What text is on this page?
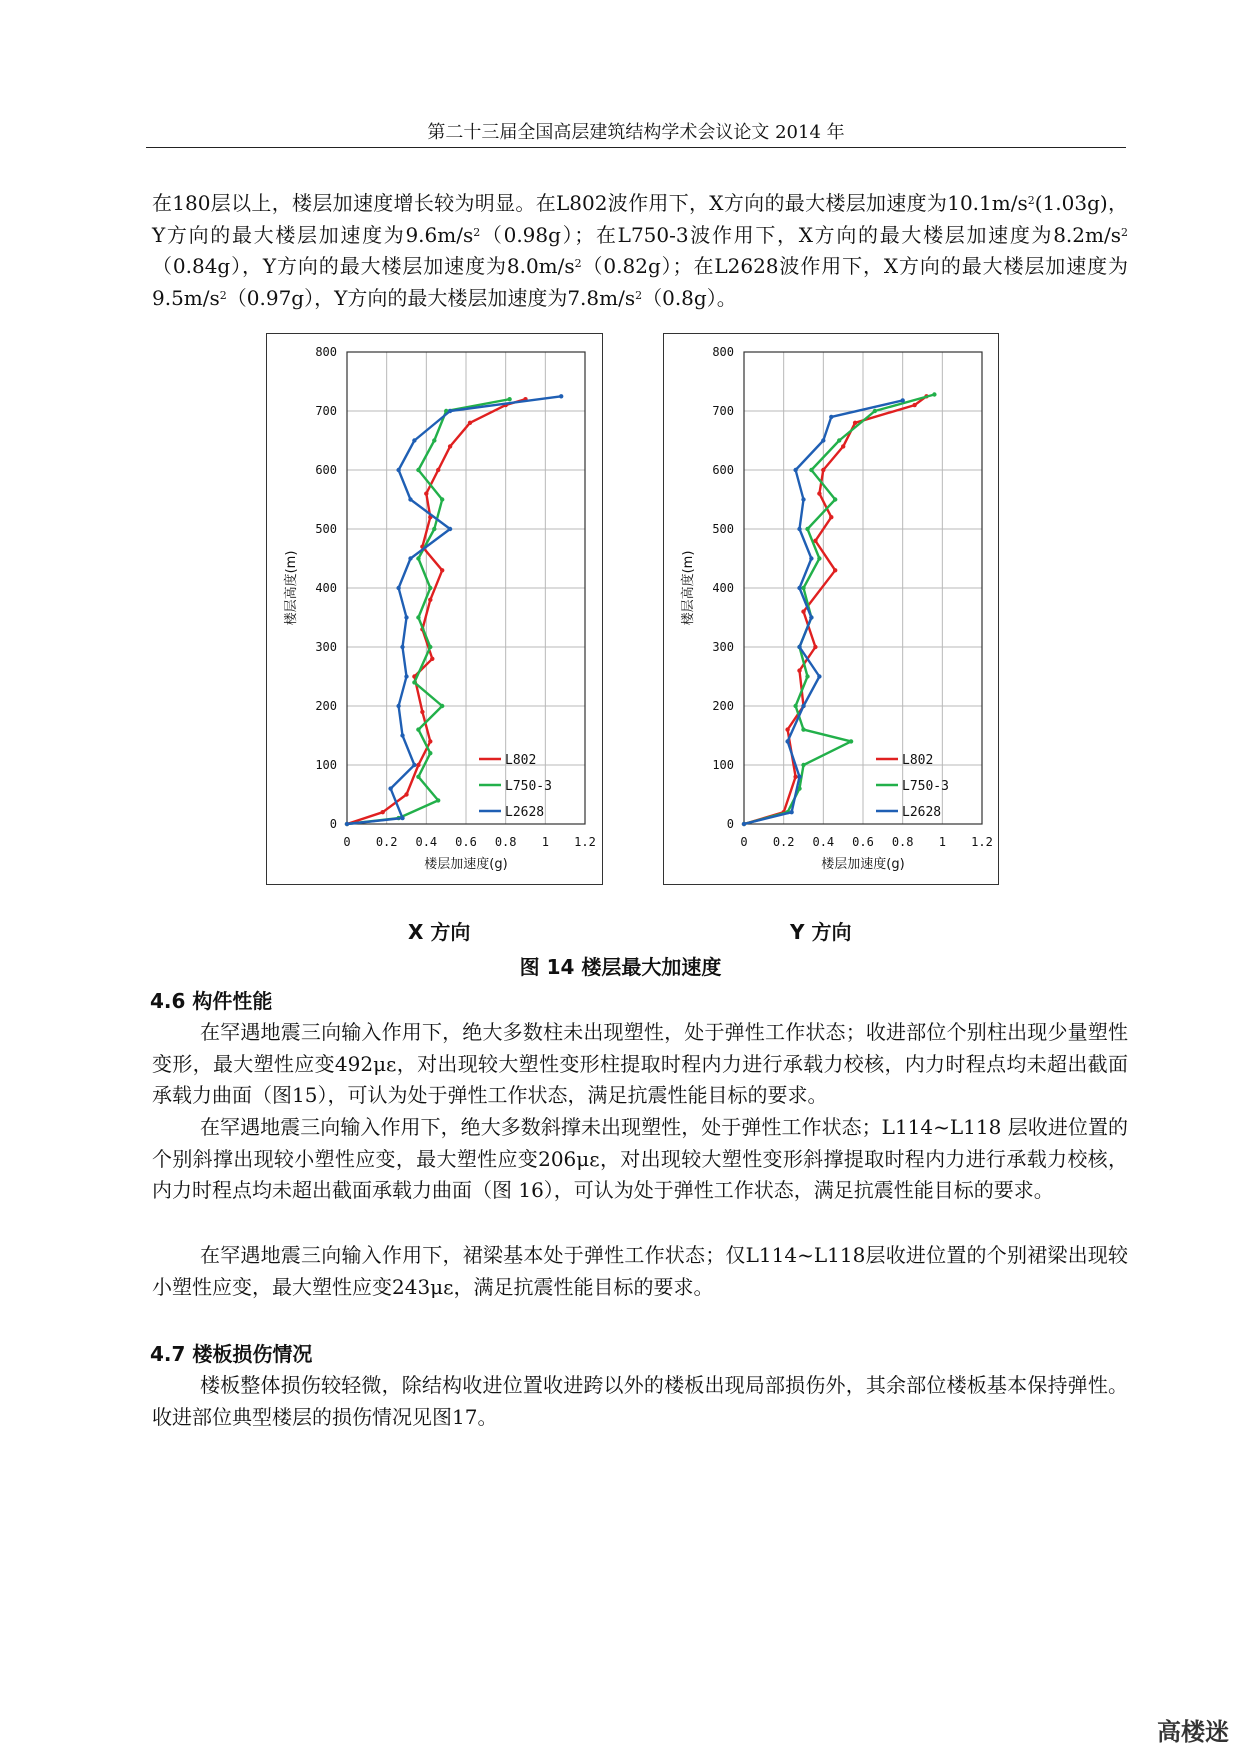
第二十三届全国高层建筑结构学术会议论文 2014 年
在180层以上，楼层加速度增长较为明显。在L802波作用下，X方向的最大楼层加速度为$10.1m/s^2(1.03g)$，Y方向的最大楼层加速度为$9.6m/s^2(0.98g)$；在L750-3波作用下，X方向的最大楼层加速度为$8.2m/s^2(0.84g)$，Y方向的最大楼层加速度为$8.0m/s^2(0.82g)$；在L2628波作用下，X方向的最大楼层加速度为$9.5m/s^2(0.97g)$，Y方向的最大楼层加速度为$7.8m/s^2(0.8g)$。
0 0.2 0.4 0.6 0.8 1 1.2
0
100
200
300
400
500
600
700
800
楼层加速度(g)
楼层高度(m)
L802
L750-3
L2628
0 0.2 0.4 0.6 0.8 1 1.2
0
100
200
300
400
500
600
700
800
楼层加速度(g)
楼层高度(m)
L802
L750-3
L2628
X 方向	Y 方向
图 14 楼层最大加速度
4.6 构件性能
在罕遇地震三向输入作用下，绝大多数柱未出现塑性，处于弹性工作状态；收进部位个别柱出现少量塑性变形，最大塑性应变492με，对出现较大塑性变形柱提取时程内力进行承载力校核，内力时程点均未超出截面承载力曲面（图15），可认为处于弹性工作状态，满足抗震性能目标的要求。
在罕遇地震三向输入作用下，绝大多数斜撑未出现塑性，处于弹性工作状态；L114~L118 层收进位置的个别斜撑出现较小塑性应变，最大塑性应变206με，对出现较大塑性变形斜撑提取时程内力进行承载力校核，内力时程点均未超出截面承载力曲面（图 16），可认为处于弹性工作状态，满足抗震性能目标的要求。
在罕遇地震三向输入作用下，裙梁基本处于弹性工作状态；仅L114~L118层收进位置的个别裙梁出现较小塑性应变，最大塑性应变243με，满足抗震性能目标的要求。
4.7 楼板损伤情况
楼板整体损伤较轻微，除结构收进位置收进跨以外的楼板出现局部损伤外，其余部位楼板基本保持弹性。收进部位典型楼层的损伤情况见图17。
高楼迷
